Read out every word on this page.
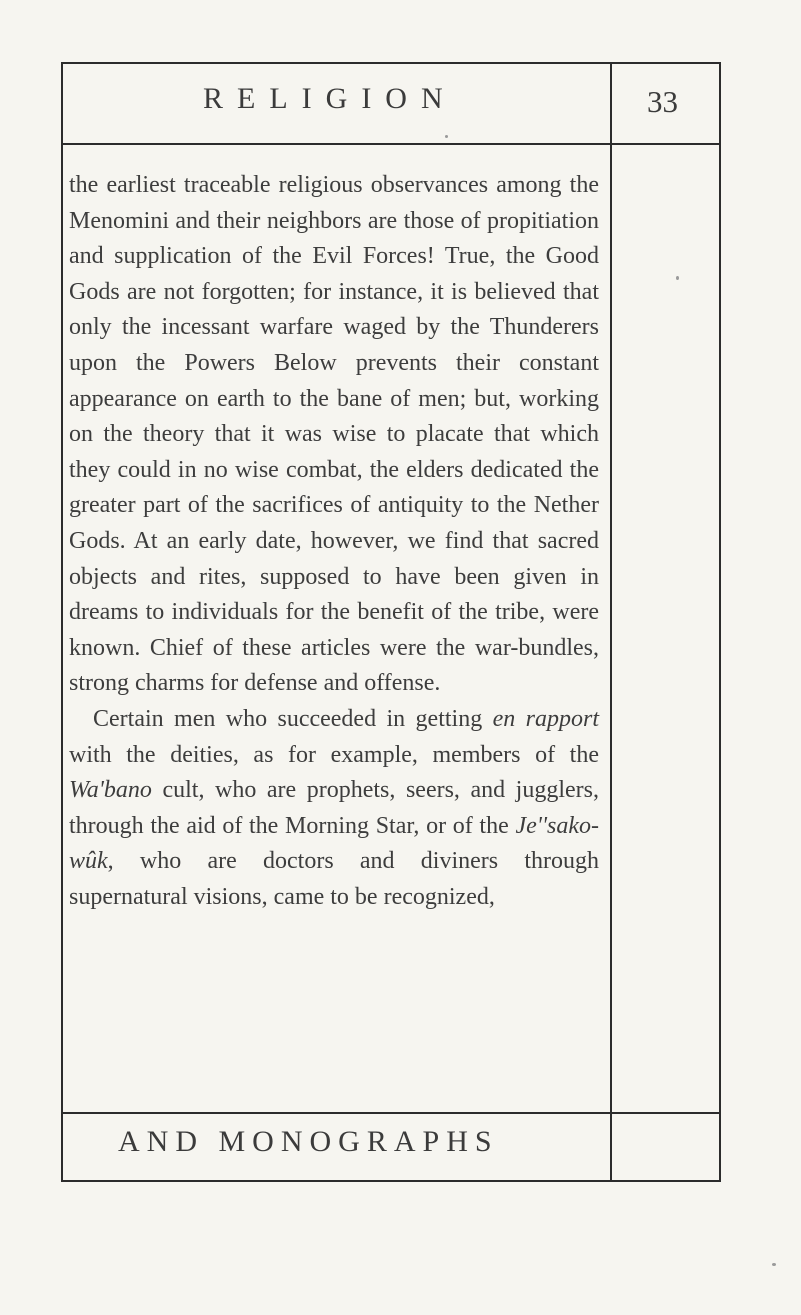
RELIGION	33

the earliest traceable religious observances among the Menomini and their neighbors are those of propitiation and supplication of the Evil Forces! True, the Good Gods are not forgotten; for instance, it is believed that only the incessant warfare waged by the Thunderers upon the Powers Below prevents their constant appearance on earth to the bane of men; but, working on the theory that it was wise to placate that which they could in no wise combat, the elders dedicated the greater part of the sacrifices of antiquity to the Nether Gods. At an early date, however, we find that sacred objects and rites, supposed to have been given in dreams to individuals for the benefit of the tribe, were known. Chief of these articles were the war-bundles, strong charms for defense and offense.

Certain men who succeeded in getting en rapport with the deities, as for example, members of the Wa'bano cult, who are prophets, seers, and jugglers, through the aid of the Morning Star, or of the Je''sako-wûk, who are doctors and diviners through supernatural visions, came to be recognized,

AND MONOGRAPHS
